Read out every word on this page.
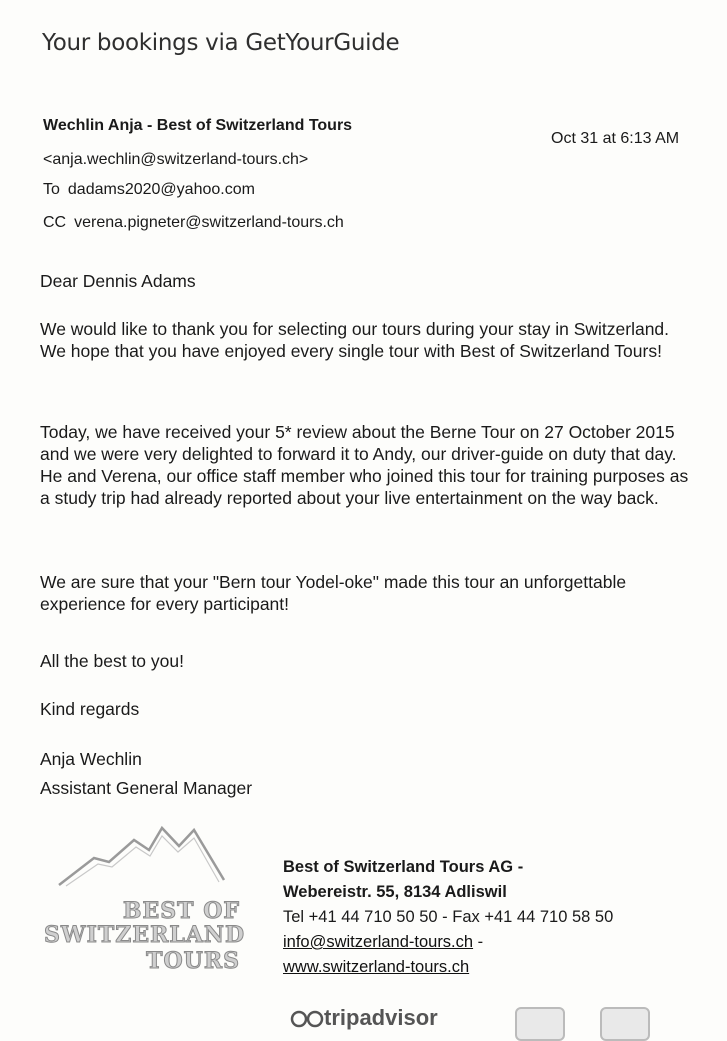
Your bookings via GetYourGuide
Wechlin Anja - Best of Switzerland Tours
<anja.wechlin@switzerland-tours.ch>
To dadams2020@yahoo.com
CC verena.pigneter@switzerland-tours.ch
Oct 31 at 6:13 AM
Dear Dennis Adams
We would like to thank you for selecting our tours during your stay in Switzerland. We hope that you have enjoyed every single tour with Best of Switzerland Tours!
Today, we have received your 5* review about the Berne Tour on 27 October 2015 and we were very delighted to forward it to Andy, our driver-guide on duty that day. He and Verena, our office staff member who joined this tour for training purposes as a study trip had already reported about your live entertainment on the way back.
We are sure that your "Bern tour Yodel-oke" made this tour an unforgettable experience for every participant!
All the best to you!
Kind regards
Anja Wechlin
Assistant General Manager
BEST OF
SWITZERLAND
TOURS
Best of Switzerland Tours AG -
Webereistr. 55, 8134 Adliswil
Tel +41 44 710 50 50 - Fax +41 44 710 58 50
info@switzerland-tours.ch -
www.switzerland-tours.ch
tripadvisor
